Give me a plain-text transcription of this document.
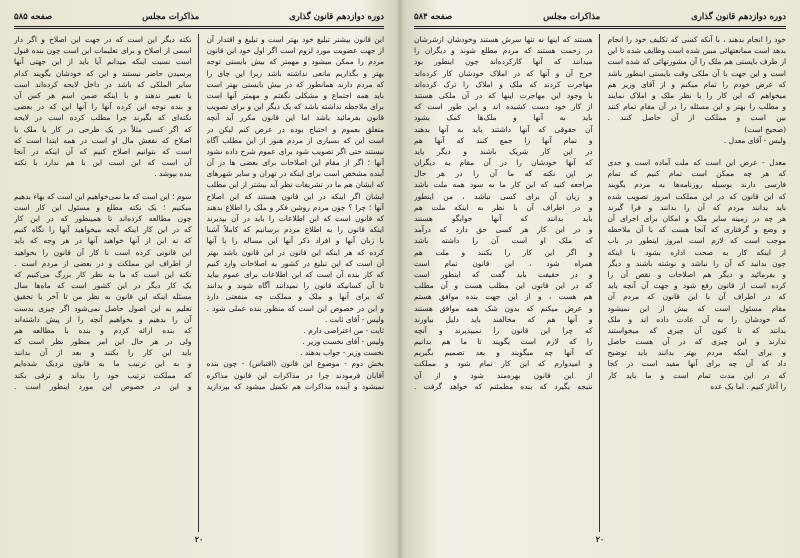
دوره دوازدهم قانون گذاری
مذاکرات مجلس
صفحه ۵۸۵
این قانون بیشتر تبلیغ خود بهتر است و تبلیغ و اقتدار آن
از جهت عضویت مورد لزوم است اگر اول خود این قانون
مردم را ممکن میشود و مهمتر که بیش بایستی توجه
بهتر و بگذاریم مانعی نداشته باشد زیرا این چای را
که مردم دارند همانطور که در بیش بایستی بهتر است
باید همه اجتماع و مشکلی نگفتم و مهمتر آنها است
برای ملاحظه نداشته باشد که یک دیگر این و برای تصویب
قانون بفرمائید باشد اما این قانون مکرر آید آنچه
متعلق بعموم و احتیاج بوده در عرض کنم لیکن در
است این که بسیاری از مردم هنوز از این مطلب آگاه
نیستند حتی اگر تصویب شود برای عموم شرح داده نشود
آنها ؛ اگر از مقام این اصلاحات برای بعضی ها در آن
آینده مشخص است برای اینکه در تهران و سایر شهرهای
که ایشان هم ما در تشریفات نظر آید بیشتر از این مطلب
ایشان اگر اینکه در این قانون هستند که این اصلاح
آنها ؛ چرا ؟ چون مردم روشن فکر و ملک را اطلاع بدهند
که قانون است که این اطلاعات را باید در آن بپذیرند
اینکه قانون را به اطلاع مردم برسانیم که کاملاً آشنا
با زبان آنها و افراد ذکر آنها این مساله را با آنها
کرده که هر اینکه این قانون در این قانون باشد بهتر
آن است که این تبلیغ در کشور به اصلاحات وارد کنیم
که کار بنده آن است که این اطلاعات برای عموم بیاید
تا آن کسانیکه قانون را نمیدانند آگاه شوند و بدانند
که برای آنها و ملک و مملکت چه منفعتی دارد
و این در خصوص این است که منظور بنده عملی شود .
ولیس - آقای ثابت .
ثابت - من اعتراضی دارم .
ولیس - آقای نخست وزیر .
نخست وزیر - جواب بدهند .
بخش دوم - موضوع این قانون (اقتباس) - چون بنده
آقایان فرمودند چرا در مذاکرات این قانون مذاکره
نمیشود و آینده مذاکرات هم تکمیل میشود که بپردازید
نکته دیگر این است که در جهت این اصلاح و اگر دار
اسمی از اصلاح و برای تعلیمات این است چون بنده قبول
است نسبت اینکه میدانم آیا باید از این جهتی آنها
پرسیدن حاضر نیستند و این که خودشان بگویند کدام
سایر الملکی که باشد در داخل لایحه کرده‌اند است
یا تغییر ندهند و با اینکه ضمن اسم هر کس آن
و بنده توجه این کرده آنها را آنها این که در بعضی
نکته‌ای که بگیرند چرا مطلب کرده است در لایحه
که اگر کسی مثلاً در یک طرحی در کار یا ملک یا
اصلاح که نفعش مال او است در همه ابتدا است که
است که بتوانیم اصلاح کنیم که آن اینکه در آنجا
آن است که این است این با هم ندارد با نکته
بنده بپوشد .
سوم ؛ این است که ما نمی‌خواهیم این است که بهاء بدهیم
میکنیم ؛ یک نکته مطلع و مسئول این کار است
چون مطالعه کرده‌اند تا همینطور که در این کار
که در این کار اینکه آنچه میخواهید آنها را نگاه کنیم
که نه این از آنها خواهید آنها در هر وجه که باید
این قانونی کرده است تا کار آن قانون را بخواهید
از اطراف این مملکت و در بعضی از مردم است .
نکته این است که ما به نظر کار بزرگ می‌کنیم که
یک کار دیگر در این کشور است که ماه‌ها سال
مسئله اینکه این قانون به نظر من تا آخر با تحقیق
تعلیم به این اصول حاصل نمی‌شود اگر چیزی بدست
آن را بدهیم و بخواهیم آنچه را از پیش داشته‌اند
که بنده ارائه کردم و بنده با مطالعه هم
ولی در هر حال این امر منظور نظر است که
باید این کار را بکنند و بعد از آن بدانند
و به این ترتیب ما به قانون نزدیک شده‌ایم
که مملکت ترتیب خود را بداند و ترقی بکند
و این در خصوص این مورد اینطور است .
۲۰
دوره دوازدهم قانون گذاری
مذاکرات مجلس
صفحه ۵۸۴
خود را انجام بدهند ، با آنکه کسی که تکلیف خود را انجام
بدهد است ممانعتهائی مبین شده است وظایف شده تا این
از طرف بایستی هم ملک را آن مشورتهائی که شده است
است و این جهت با آن ملکی وقت بایستی اینطور باشد
که عرض خودم را تمام میکنم و از آقای وزیر هم
میخواهم که این کار را با نظر ملک و املاک نمایند
و مطلب را بهتر و این مسئله را در آن مقام تمام کنند
بین است و مملکت از آن حاصل کنند .
(صحیح است)
ولیس - آقای معدل .
معدل - عرض این است که ملت آماده است و جدی
که هر چه ممکن است تمام کنیم که تمام
فارسی دارند بوسیله روزنامه‌ها به مردم بگویند
که این قانون که در این مملکت امروز تصویب شده
باید بدانند مردم که آن را بدانند و فرا گیرند
هر چه در زمینه سایر ملک و امکان برای اجرای آن
و وضع و گرفتاری که آنجا هست که با آن ملاحظه
موجب است که لازم است امروز اینطور در باب
از اینکه کار به صحت اداره بشود با اینکه
چون بدانید که آن را نباشد و نوشته باشند و دیگر
و بفرمائید و دیگر هم اصلاحات و نقص آن را
کرده است از قانون رفع شود و جهت آن آنچه باید
که در اطراف آن با این قانون که مردم آن
مقام مسئول است که بیش از این نمیشود
که خودشان را به آن عادت داده اند و ملک
بدانند که تا کنون آن چیزی که میخواستند
ندارند و این چیزی که در آن هست حاصل
و برای اینکه مردم بهتر بدانند باید توضیح
داد که آن چه برای آنها مفید است در کجا
که در این مدت تمام است و ما باید کار
را آغاز کنیم . اما یک عده
هستند که اینها نه تنها سرش هستند وخودشان ازشرشان
در زحمت هستند که مردم مطلع شوند و دیگران را
میدانند که آنها کارکرده‌اند چون اینطور بود
خرج آن و آنها که در املاک خودشان کار کرده‌اند
مهاجرت کردند که ملک و املاک را ترک کرده‌اند
با وجود این مهاجرت اینها که در آن ملکی هستند
از کار خود دست کشیده اند و این طور است که
باید به آنها و ملک‌ها کمک بشود
آن حقوقی که آنها داشتند باید به آنها بدهند
و تمام آنها را جمع کنند که آنها هم
در این کار شریک باشند و دیگر باید
که آنها خودشان را در آن مقام به دیگران
بر این نکته که ما آن را در هر حال
مراجعه کنید که این کار ما به سود همه ملت باشد
و زیان آن برای کسی نباشد ، من اینطور
و در اطراف آن با نظر به اینکه ملت هم
باید بدانند که آنها جوابگو هستند
و در این کار هر کسی حق دارد که درآمد
که ملک او است آن را داشته باشد
و اگر این کار را بکنند و ملت هم
همراه شود ، این قانون تمام است
و در حقیقت باید گفت که اینطور است
که در این قانون این مطلب هست و آن مطلب
هم هست ، و از این جهت بنده موافق هستم
و عرض میکنم که بدون شک همه موافق هستند
و آنها هم که مخالفند باید دلیل بیاورند
که چرا این قانون را نمیپذیرند و آنچه
را که لازم است بگویند تا ما هم بدانیم
که آنها چه میگویند و بعد تصمیم بگیریم
و امیدوارم که این کار تمام شود و مملکت
از این قانون بهره‌مند شود و از آن
نتیجه بگیرد که بنده مطمئنم که خواهد گرفت .
۲۰
